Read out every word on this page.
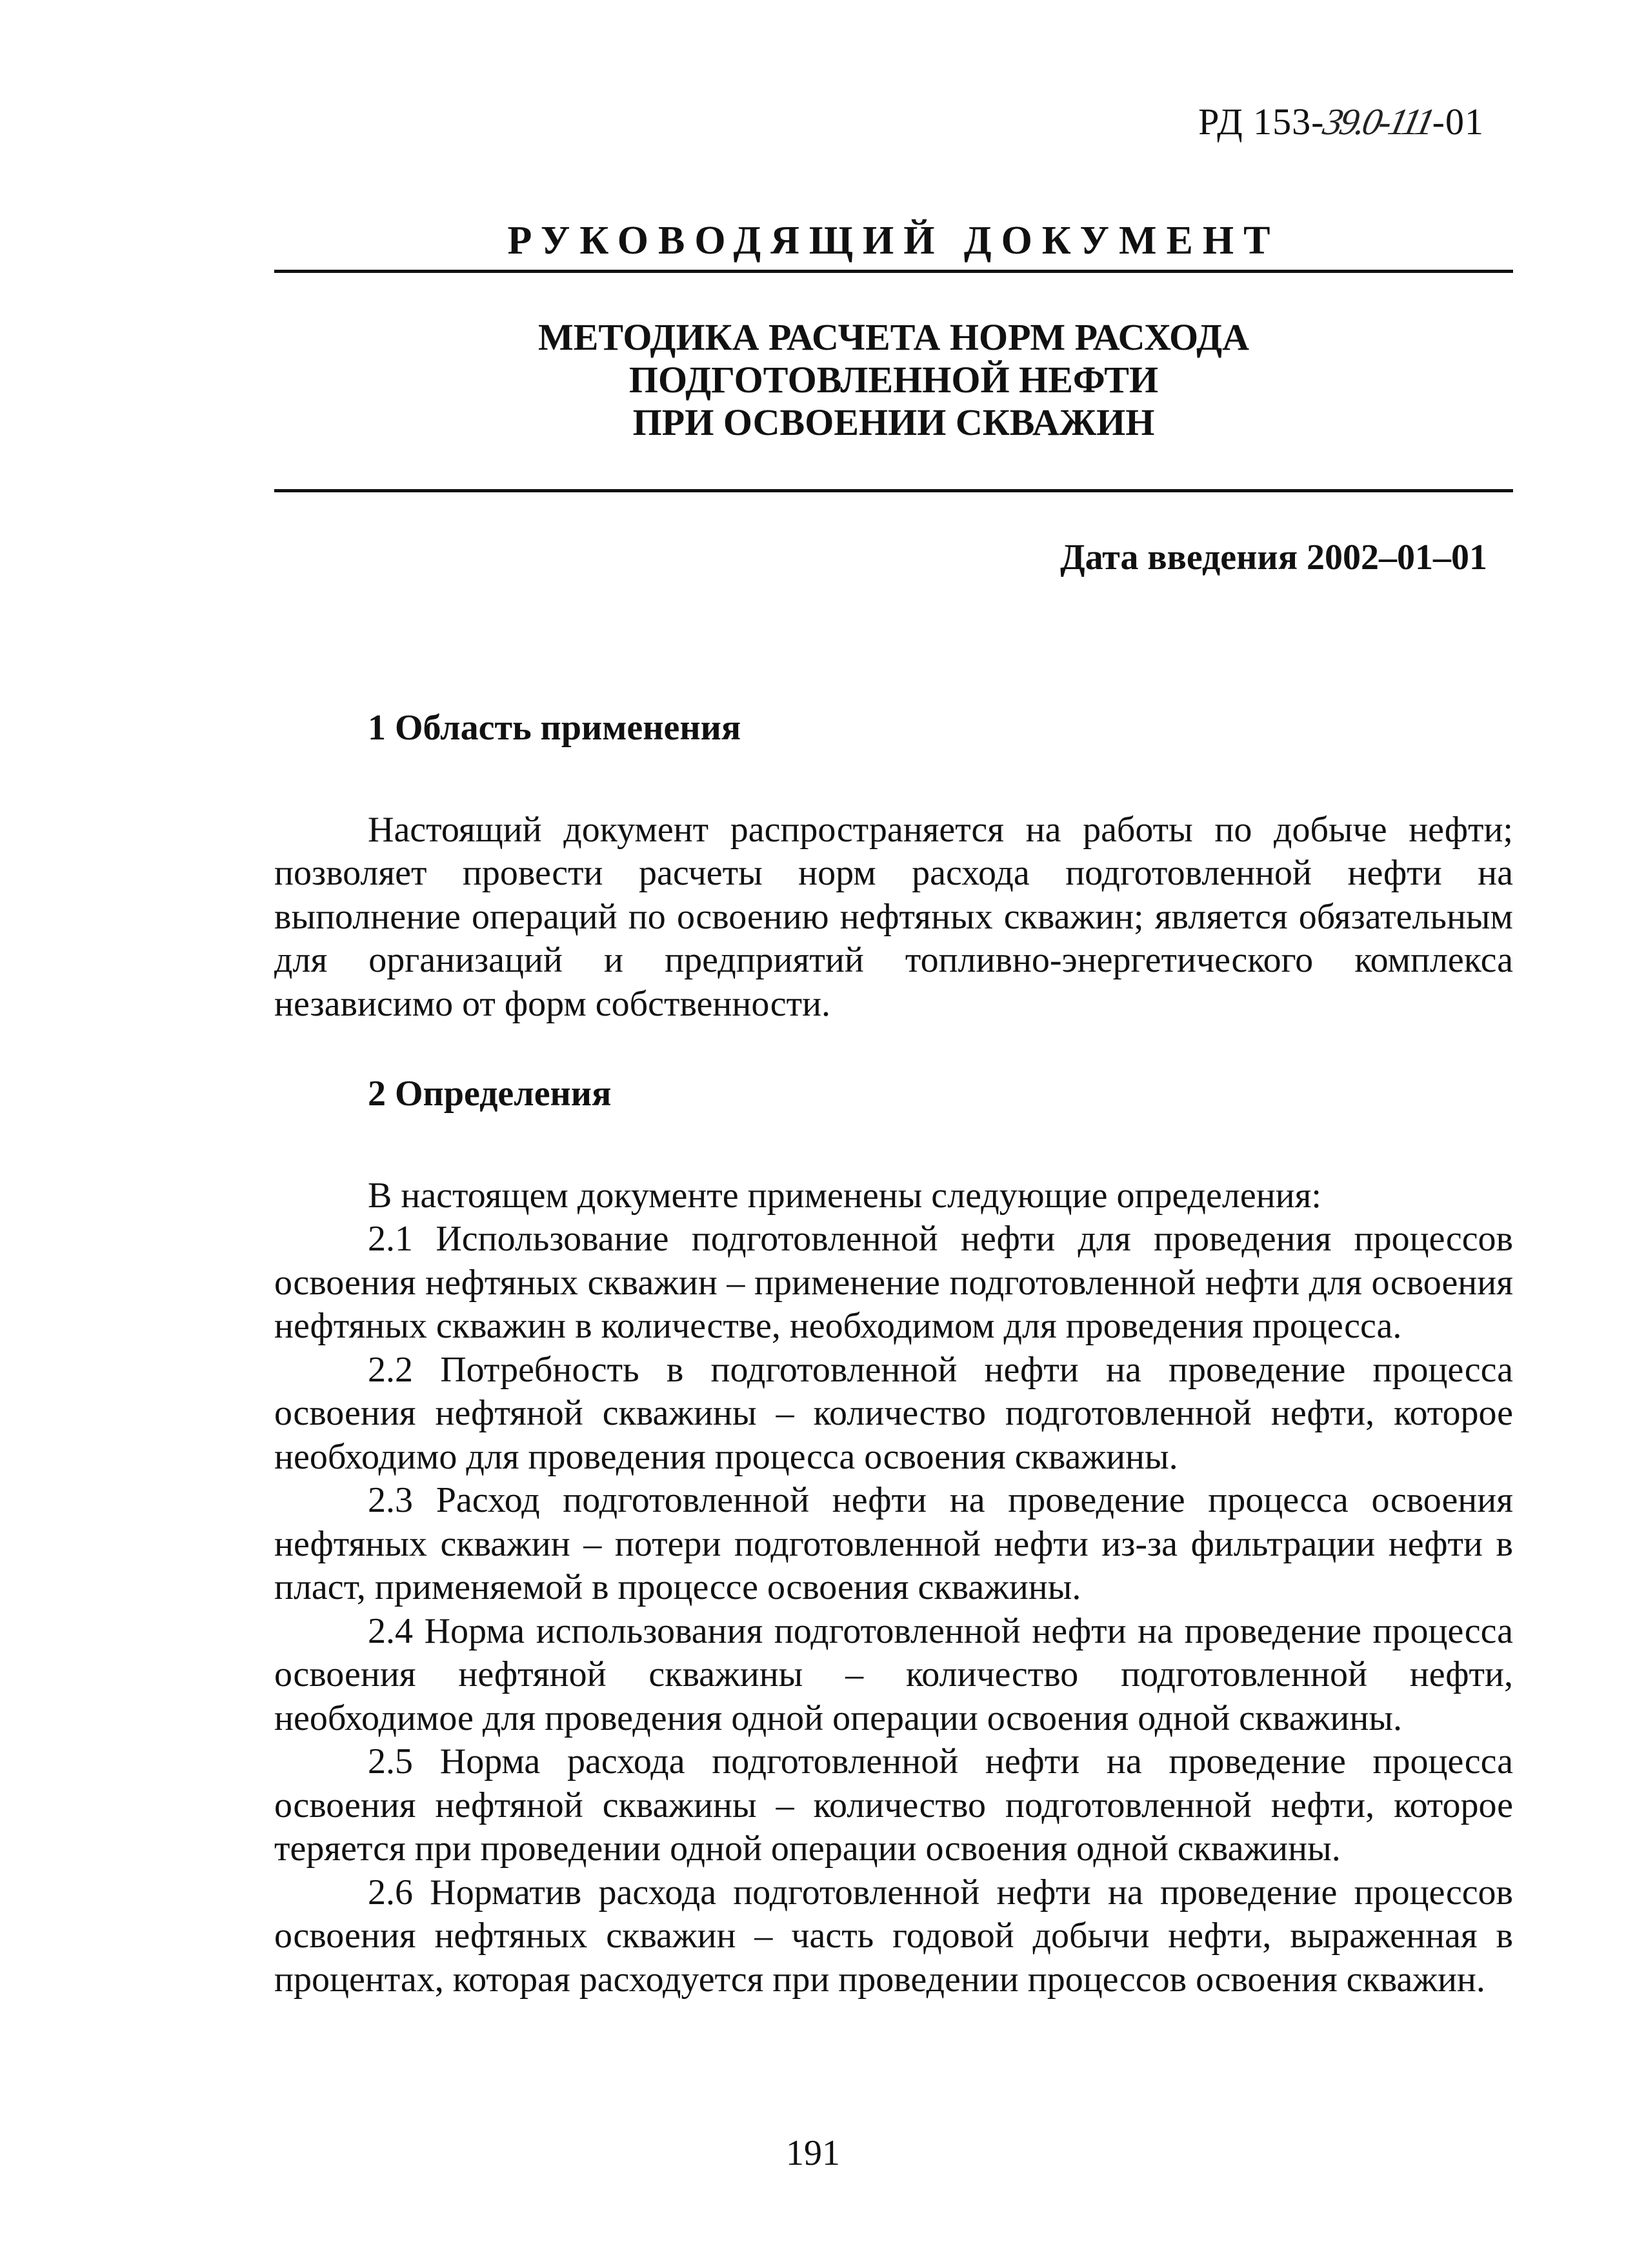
РД 153-39.0-111-01
РУКОВОДЯЩИЙ ДОКУМЕНТ
МЕТОДИКА РАСЧЕТА НОРМ РАСХОДА
ПОДГОТОВЛЕННОЙ НЕФТИ
ПРИ ОСВОЕНИИ СКВАЖИН
Дата введения 2002–01–01
1 Область применения

Настоящий документ распространяется на работы по добыче нефти; позволяет провести расчеты норм расхода подготовленной нефти на выполнение операций по освоению нефтяных скважин; является обязательным для организаций и предприятий топливно-энергетического комплекса независимо от форм собственности.

2 Определения

В настоящем документе применены следующие определения:

2.1 Использование подготовленной нефти для проведения процессов освоения нефтяных скважин – применение подготовленной нефти для освоения нефтяных скважин в количестве, необходимом для проведения процесса.

2.2 Потребность в подготовленной нефти на проведение процесса освоения нефтяной скважины – количество подготовленной нефти, которое необходимо для проведения процесса освоения скважины.

2.3 Расход подготовленной нефти на проведение процесса освоения нефтяных скважин – потери подготовленной нефти из-за фильтрации нефти в пласт, применяемой в процессе освоения скважины.

2.4 Норма использования подготовленной нефти на проведение процесса освоения нефтяной скважины – количество подготовленной нефти, необходимое для проведения одной операции освоения одной скважины.

2.5 Норма расхода подготовленной нефти на проведение процесса освоения нефтяной скважины – количество подготовленной нефти, которое теряется при проведении одной операции освоения одной скважины.

2.6 Норматив расхода подготовленной нефти на проведение процессов освоения нефтяных скважин – часть годовой добычи нефти, выраженная в процентах, которая расходуется при проведении процессов освоения скважин.

191
